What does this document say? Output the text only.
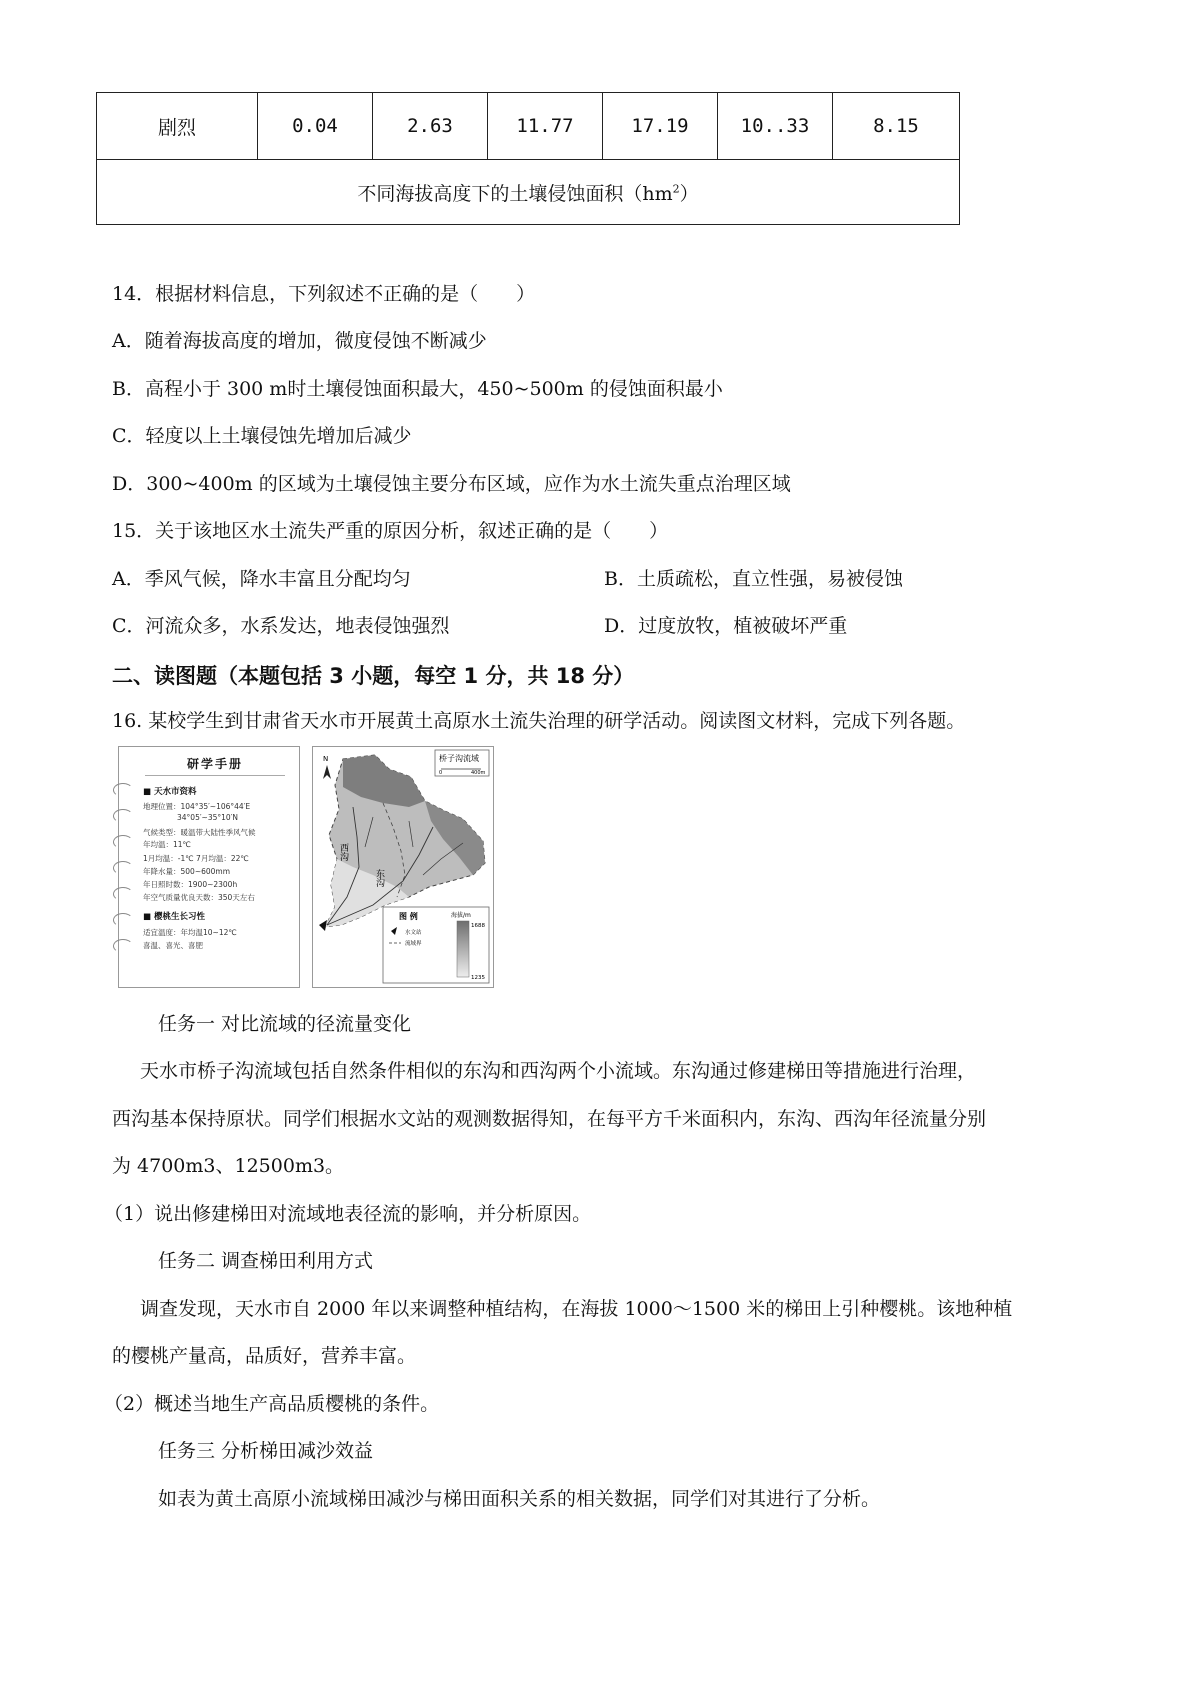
剧烈	0.04	2.63	11.77	17.19	10..33	8.15
不同海拔高度下的土壤侵蚀面积$(hm^2)$
14．根据材料信息，下列叙述不正确的是（　　）
A．随着海拔高度的增加，微度侵蚀不断减少
B．高程小于 300 m时土壤侵蚀面积最大，450~500m 的侵蚀面积最小
C．轻度以上土壤侵蚀先增加后减少
D．300~400m 的区域为土壤侵蚀主要分布区域，应作为水土流失重点治理区域
15．关于该地区水土流失严重的原因分析，叙述正确的是（　　）
A．季风气候，降水丰富且分配均匀	B．土质疏松，直立性强，易被侵蚀
C．河流众多，水系发达，地表侵蚀强烈	D．过度放牧，植被破坏严重
二、读图题（本题包括 3 小题，每空 1 分，共 18 分）
16. 某校学生到甘肃省天水市开展黄土高原水土流失治理的研学活动。阅读图文材料，完成下列各题。
研学手册
■ 天水市资料
地理位置：104°35′~106°44′E
34°05′~35°10′N
气候类型：暖温带大陆性季风气候
年均温：11℃
1月均温：-1℃ 7月均温：22℃
年降水量：500~600mm
年日照时数：1900~2300h
年空气质量优良天数：350天左右
■ 樱桃生长习性
适宜温度：年均温10~12℃
喜温、喜光、喜肥
N	桥子沟流域
0	400m
西沟
东沟
图 例	海拔/m
水文站
流域界
1688
1235
任务一 对比流域的径流量变化
天水市桥子沟流域包括自然条件相似的东沟和西沟两个小流域。东沟通过修建梯田等措施进行治理，
西沟基本保持原状。同学们根据水文站的观测数据得知，在每平方千米面积内，东沟、西沟年径流量分别
为 4700m3、12500m3。
（1）说出修建梯田对流域地表径流的影响，并分析原因。
任务二 调查梯田利用方式
调查发现，天水市自 2000 年以来调整种植结构，在海拔 1000～1500 米的梯田上引种樱桃。该地种植
的樱桃产量高，品质好，营养丰富。
（2）概述当地生产高品质樱桃的条件。
任务三 分析梯田减沙效益
如表为黄土高原小流域梯田减沙与梯田面积关系的相关数据，同学们对其进行了分析。
